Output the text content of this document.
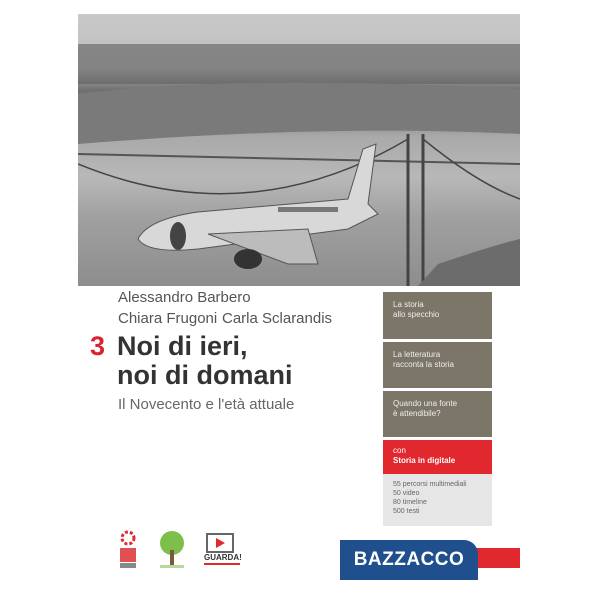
Alessandro Barbero
Chiara Frugoni Carla Sclarandis
3 Noi di ieri,
noi di domani
Il Novecento e l'età attuale
La storia
allo specchio
La letteratura
racconta la storia
Quando una fonte
è attendibile?
con
Storia in digitale
55 percorsi multimediali
50 video
80 timeline
500 testi
GUARDA!	BAZZACCO
